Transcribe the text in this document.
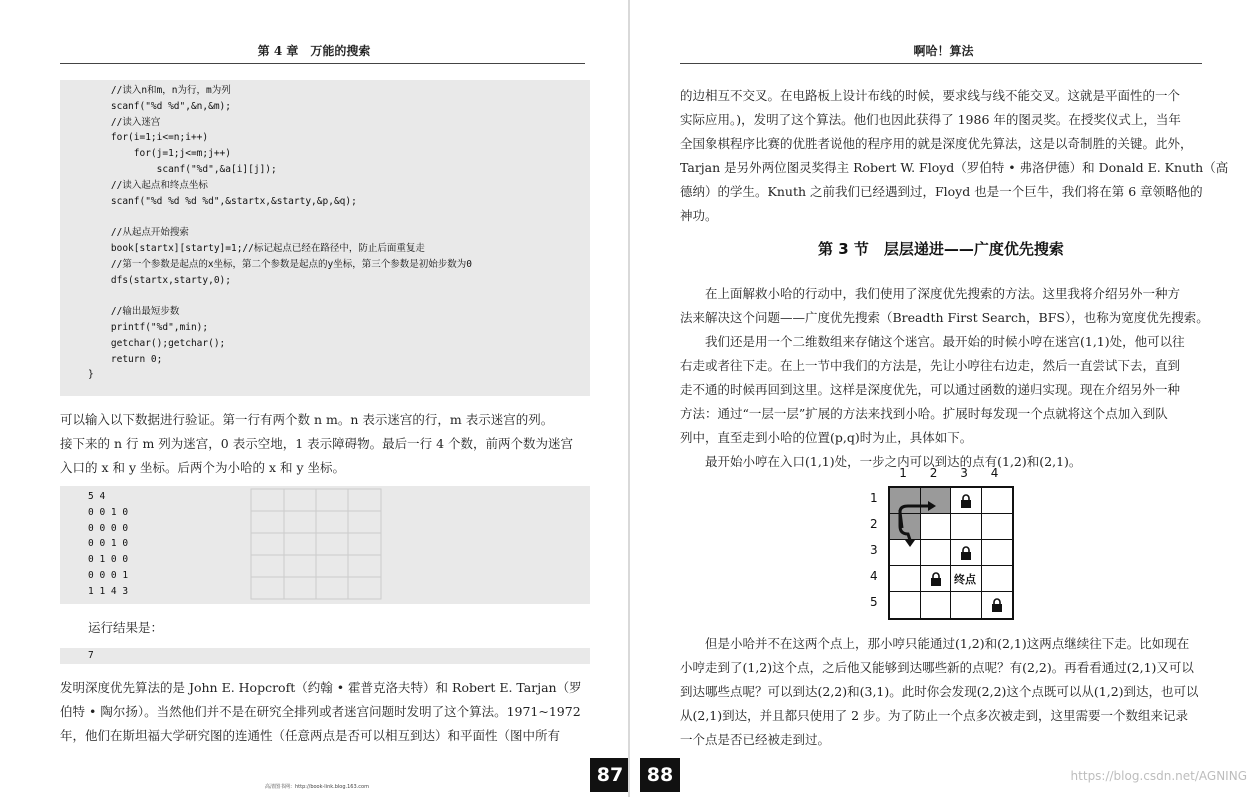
第 4 章　万能的搜索
//读入n和m，n为行，m为列
scanf("%d %d",&n,&m);
//读入迷宫
for(i=1;i<=n;i++)
for(j=1;j<=m;j++)
scanf("%d",&a[i][j]);
//读入起点和终点坐标
scanf("%d %d %d %d",&startx,&starty,&p,&q);
//从起点开始搜索
book[startx][starty]=1;//标记起点已经在路径中，防止后面重复走
//第一个参数是起点的x坐标，第二个参数是起点的y坐标，第三个参数是初始步数为0
dfs(startx,starty,0);
//输出最短步数
printf("%d",min);
getchar();getchar();
return 0;
}
可以输入以下数据进行验证。第一行有两个数 n m。n 表示迷宫的行，m 表示迷宫的列。
接下来的 n 行 m 列为迷宫，0 表示空地，1 表示障碍物。最后一行 4 个数，前两个数为迷宫
入口的 x 和 y 坐标。后两个为小哈的 x 和 y 坐标。
5 4
0 0 1 0
0 0 0 0
0 0 1 0
0 1 0 0
0 0 0 1
1 1 4 3
运行结果是：
7
发明深度优先算法的是 John E. Hopcroft（约翰 • 霍普克洛夫特）和 Robert E. Tarjan（罗
伯特 • 陶尔扬）。当然他们并不是在研究全排列或者迷宫问题时发明了这个算法。1971~1972
年，他们在斯坦福大学研究图的连通性（任意两点是否可以相互到达）和平面性（图中所有
高清图书网：http://book-link.blog.163.com
87
啊哈！算法
的边相互不交叉。在电路板上设计布线的时候，要求线与线不能交叉。这就是平面性的一个
实际应用。)，发明了这个算法。他们也因此获得了 1986 年的图灵奖。在授奖仪式上，当年
全国象棋程序比赛的优胜者说他的程序用的就是深度优先算法，这是以奇制胜的关键。此外，
Tarjan 是另外两位图灵奖得主 Robert W. Floyd（罗伯特 • 弗洛伊德）和 Donald E. Knuth（高
德纳）的学生。Knuth 之前我们已经遇到过，Floyd 也是一个巨牛，我们将在第 6 章领略他的
神功。
第 3 节　层层递进——广度优先搜索
　　在上面解救小哈的行动中，我们使用了深度优先搜索的方法。这里我将介绍另外一种方
法来解决这个问题——广度优先搜索（Breadth First Search，BFS），也称为宽度优先搜索。
　　我们还是用一个二维数组来存储这个迷宫。最开始的时候小哼在迷宫(1,1)处，他可以往
右走或者往下走。在上一节中我们的方法是，先让小哼往右边走，然后一直尝试下去，直到
走不通的时候再回到这里。这样是深度优先，可以通过函数的递归实现。现在介绍另外一种
方法：通过“一层一层”扩展的方法来找到小哈。扩展时每发现一个点就将这个点加入到队
列中，直至走到小哈的位置(p,q)时为止，具体如下。
　　最开始小哼在入口(1,1)处，一步之内可以到达的点有(1,2)和(2,1)。
　　但是小哈并不在这两个点上，那小哼只能通过(1,2)和(2,1)这两点继续往下走。比如现在
小哼走到了(1,2)这个点，之后他又能够到达哪些新的点呢？有(2,2)。再看看通过(2,1)又可以
到达哪些点呢？可以到达(2,2)和(3,1)。此时你会发现(2,2)这个点既可以从(1,2)到达，也可以
从(2,1)到达，并且都只使用了 2 步。为了防止一个点多次被走到，这里需要一个数组来记录
一个点是否已经被走到过。
88	https://blog.csdn.net/AGNING
终点
1 2 3 4
1
2
3
4
5
